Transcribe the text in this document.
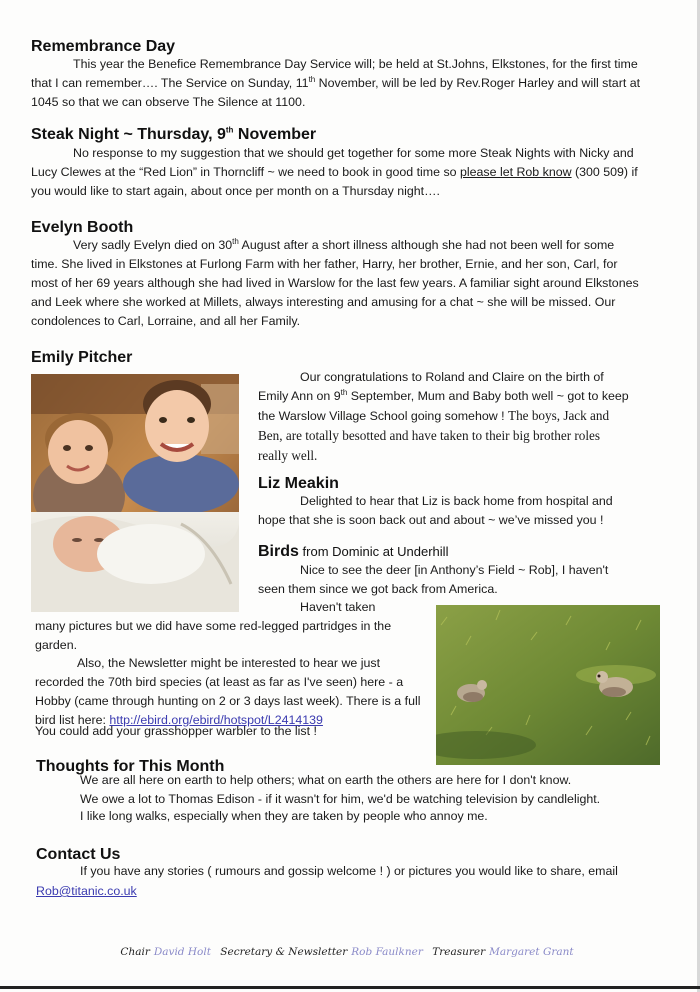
Remembrance Day

This year the Benefice Remembrance Day Service will; be held at St.Johns, Elkstones, for the first time that I can remember…. The Service on Sunday, 11th November, will be led by Rev.Roger Harley and will start at 1045 so that we can observe The Silence at 1100.

Steak Night ~ Thursday, 9th November

No response to my suggestion that we should get together for some more Steak Nights with Nicky and Lucy Clewes at the “Red Lion” in Thorncliff ~ we need to book in good time so please let Rob know (300 509) if you would like to start again, about once per month on a Thursday night….

Evelyn Booth

Very sadly Evelyn died on 30th August after a short illness although she had not been well for some time. She lived in Elkstones at Furlong Farm with her father, Harry, her brother, Ernie, and her son, Carl, for most of her 69 years although she had lived in Warslow for the last few years. A familiar sight around Elkstones and Leek where she worked at Millets, always interesting and amusing for a chat ~ she will be missed. Our condolences to Carl, Lorraine, and all her Family.

Emily Pitcher

Our congratulations to Roland and Claire on the birth of Emily Ann on 9th September, Mum and Baby both well ~ got to keep the Warslow Village School going somehow ! The boys, Jack and Ben, are totally besotted and have taken to their big brother roles really well.

Liz Meakin

Delighted to hear that Liz is back home from hospital and hope that she is soon back out and about ~ we’ve missed you !

Birds from Dominic at Underhill

Nice to see the deer [in Anthony’s Field ~ Rob], I haven't seen them since we got back from America.

Haven't taken

many pictures but we did have some red-legged partridges in the garden.

Also, the Newsletter might be interested to hear we just recorded the 70th bird species (at least as far as I've seen) here - a Hobby (came through hunting on 2 or 3 days last week). There is a full bird list here: http://ebird.org/ebird/hotspot/L2414139

You could add your grasshopper warbler to the list !

Thoughts for This Month

We are all here on earth to help others; what on earth the others are here for I don't know.

We owe a lot to Thomas Edison - if it wasn't for him, we'd be watching television by candlelight.

I like long walks, especially when they are taken by people who annoy me.

Contact Us

If you have any stories ( rumours and gossip welcome ! ) or pictures you would like to share, email

Rob@titanic.co.uk

Chair David Holt Secretary & Newsletter Rob Faulkner Treasurer Margaret Grant
